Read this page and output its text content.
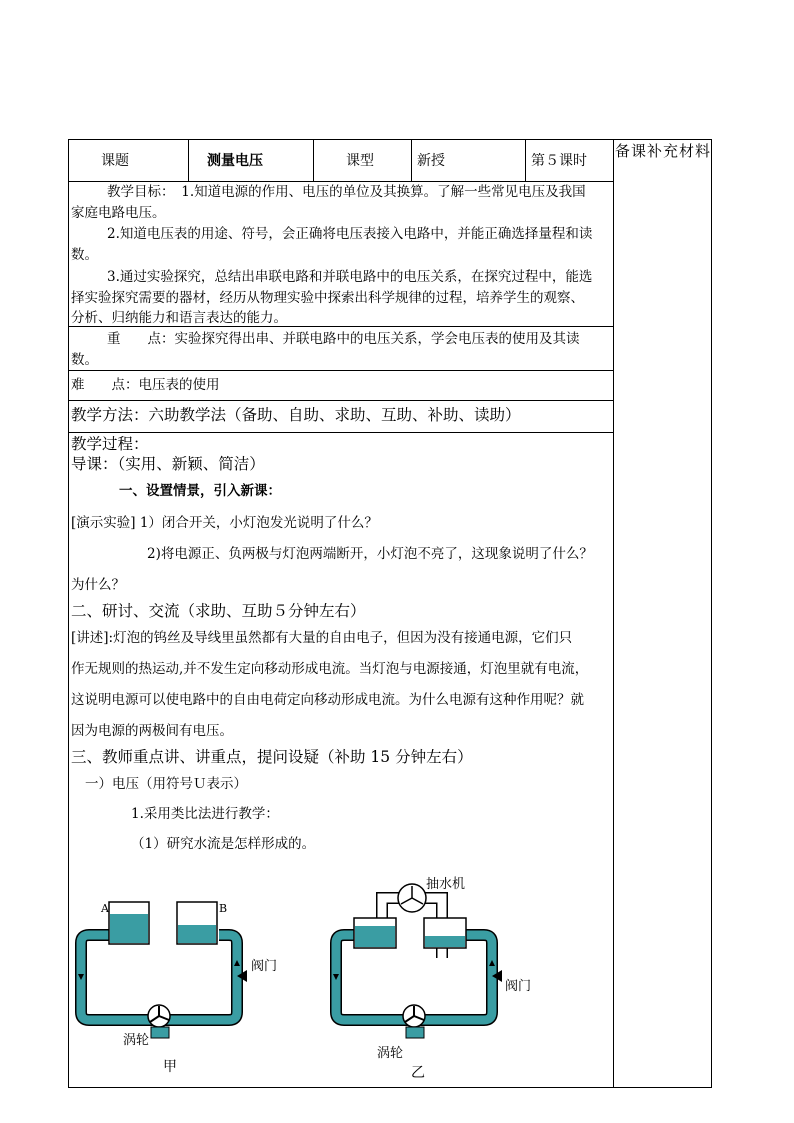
课题	测量电压	课型	新授	第５课时
备课补充材料
教学目标：　1.知道电源的作用、电压的单位及其换算。了解一些常见电压及我国
家庭电路电压。
2.知道电压表的用途、符号，会正确将电压表接入电路中，并能正确选择量程和读
数。
3.通过实验探究，总结出串联电路和并联电路中的电压关系，在探究过程中，能选
择实验探究需要的器材，经历从物理实验中探索出科学规律的过程，培养学生的观察、
分析、归纳能力和语言表达的能力。
重　　点：实验探究得出串、并联电路中的电压关系，学会电压表的使用及其读
数。
难　　点：电压表的使用
教学方法：六助教学法（备助、自助、求助、互助、补助、读助）
教学过程：
导课：（实用、新颖、简洁）
一、设置情景，引入新课：
[演示实验] 1）闭合开关，小灯泡发光说明了什么？
2)将电源正、负两极与灯泡两端断开，小灯泡不亮了，这现象说明了什么？
为什么？
二、研讨、交流（求助、互助５分钟左右）
[讲述]:灯泡的钨丝及导线里虽然都有大量的自由电子，但因为没有接通电源，它们只
作无规则的热运动,并不发生定向移动形成电流。当灯泡与电源接通，灯泡里就有电流，
这说明电源可以使电路中的自由电荷定向移动形成电流。为什么电源有这种作用呢？就
因为电源的两极间有电压。
三、教师重点讲、讲重点，提问设疑（补助 15 分钟左右）
一）电压（用符号Ｕ表示）
1.采用类比法进行教学：
（1）研究水流是怎样形成的。
A	B
阀门
涡轮
甲
抽水机
阀门
涡轮
乙
